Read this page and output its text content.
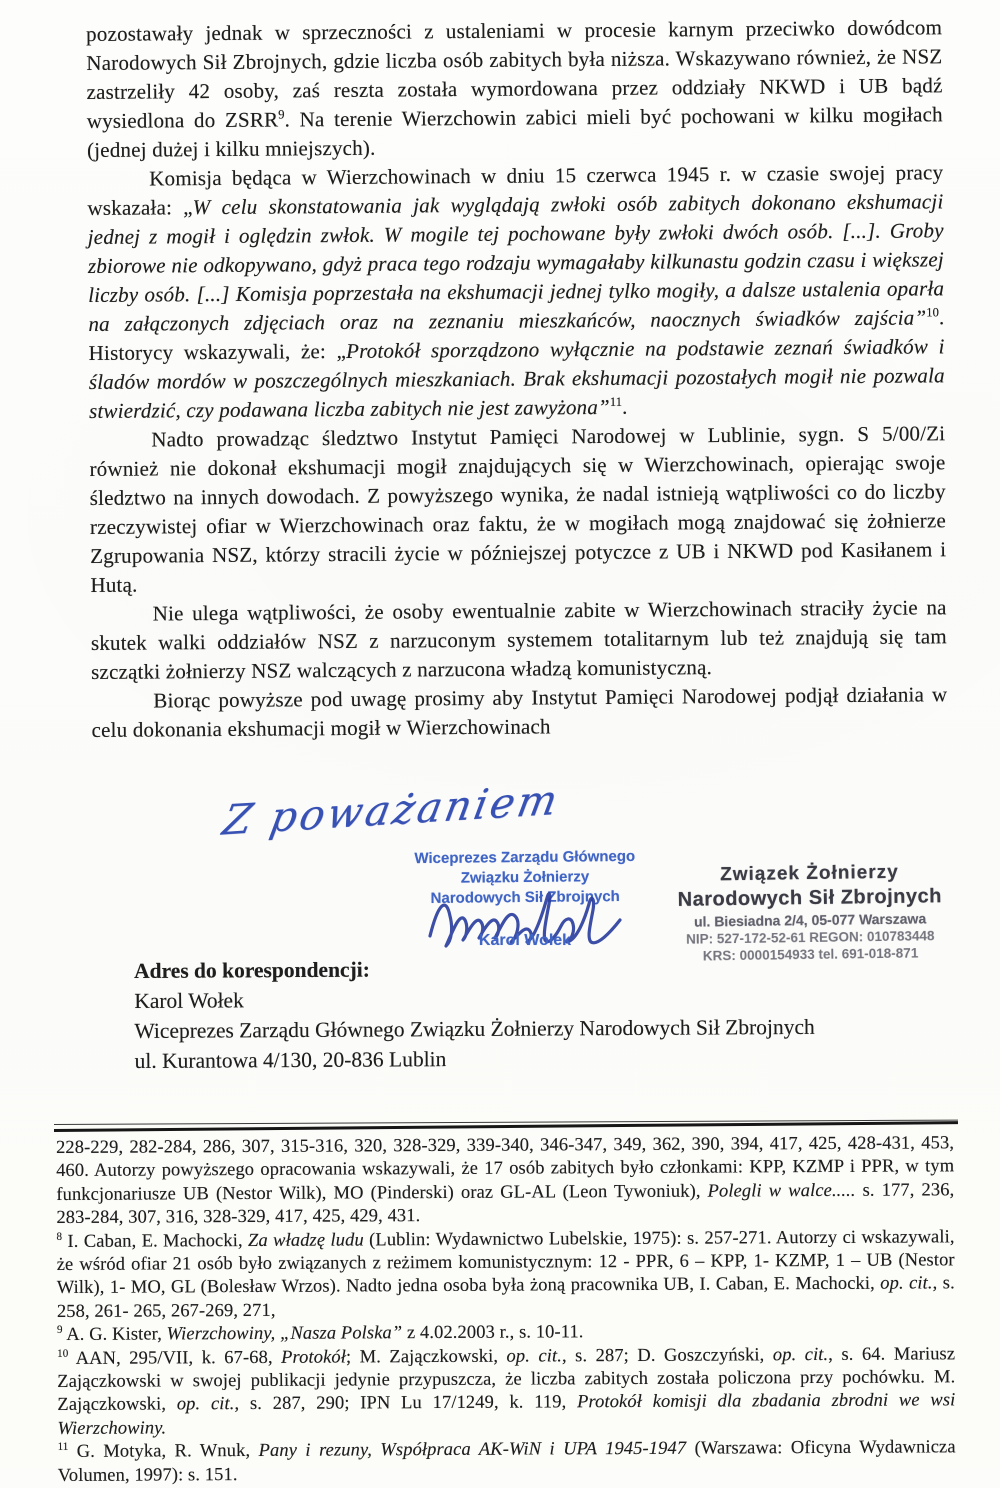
pozostawały jednak w sprzeczności z ustaleniami w procesie karnym przeciwko dowódcom Narodowych Sił Zbrojnych, gdzie liczba osób zabitych była niższa. Wskazywano również, że NSZ zastrzeliły 42 osoby, zaś reszta została wymordowana przez oddziały NKWD i UB bądź wysiedlona do ZSRR$^9$. Na terenie Wierzchowin zabici mieli być pochowani w kilku mogiłach (jednej dużej i kilku mniejszych).

Komisja będąca w Wierzchowinach w dniu 15 czerwca 1945 r. w czasie swojej pracy wskazała: „W celu skonstatowania jak wyglądają zwłoki osób zabitych dokonano ekshumacji jednej z mogił i oględzin zwłok. W mogile tej pochowane były zwłoki dwóch osób. [...]. Groby zbiorowe nie odkopywano, gdyż praca tego rodzaju wymagałaby kilkunastu godzin czasu i większej liczby osób. [...] Komisja poprzestała na ekshumacji jednej tylko mogiły, a dalsze ustalenia oparła na załączonych zdjęciach oraz na zeznaniu mieszkańców, naocznych świadków zajścia”$^{10}$. Historycy wskazywali, że: „Protokół sporządzono wyłącznie na podstawie zeznań świadków i śladów mordów w poszczególnych mieszkaniach. Brak ekshumacji pozostałych mogił nie pozwala stwierdzić, czy podawana liczba zabitych nie jest zawyżona”$^{11}$.

Nadto prowadząc śledztwo Instytut Pamięci Narodowej w Lublinie, sygn. S 5/00/Zi również nie dokonał ekshumacji mogił znajdujących się w Wierzchowinach, opierając swoje śledztwo na innych dowodach. Z powyższego wynika, że nadal istnieją wątpliwości co do liczby rzeczywistej ofiar w Wierzchowinach oraz faktu, że w mogiłach mogą znajdować się żołnierze Zgrupowania NSZ, którzy stracili życie w późniejszej potyczce z UB i NKWD pod Kasiłanem i Hutą.

Nie ulega wątpliwości, że osoby ewentualnie zabite w Wierzchowinach straciły życie na skutek walki oddziałów NSZ z narzuconym systemem totalitarnym lub też znajdują się tam szczątki żołnierzy NSZ walczących z narzucona władzą komunistyczną.

Biorąc powyższe pod uwagę prosimy aby Instytut Pamięci Narodowej podjął działania w celu dokonania ekshumacji mogił w Wierzchowinach

Z poważaniem
Wiceprezes Zarządu Głównego
Związku Żołnierzy
Narodowych Sił Zbrojnych
Karol Wołek
Związek Żołnierzy
Narodowych Sił Zbrojnych
ul. Biesiadna 2/4, 05-077 Warszawa
NIP: 527-172-52-61 REGON: 010783448
KRS: 0000154933 tel. 691-018-871
Adres do korespondencji:
Karol Wołek
Wiceprezes Zarządu Głównego Związku Żołnierzy Narodowych Sił Zbrojnych
ul. Kurantowa 4/130, 20-836 Lublin

228-229, 282-284, 286, 307, 315-316, 320, 328-329, 339-340, 346-347, 349, 362, 390, 394, 417, 425, 428-431, 453, 460. Autorzy powyższego opracowania wskazywali, że 17 osób zabitych było członkami: KPP, KZMP i PPR, w tym funkcjonariusze UB (Nestor Wilk), MO (Pinderski) oraz GL-AL (Leon Tywoniuk), Polegli w walce..... s. 177, 236, 283-284, 307, 316, 328-329, 417, 425, 429, 431.

$^8$ I. Caban, E. Machocki, Za władzę ludu (Lublin: Wydawnictwo Lubelskie, 1975): s. 257-271. Autorzy ci wskazywali, że wśród ofiar 21 osób było związanych z reżimem komunistycznym: 12 - PPR, 6 – KPP, 1- KZMP, 1 – UB (Nestor Wilk), 1- MO, GL (Bolesław Wrzos). Nadto jedna osoba była żoną pracownika UB, I. Caban, E. Machocki, op. cit., s. 258, 261- 265, 267-269, 271,

$^9$ A. G. Kister, Wierzchowiny, „Nasza Polska” z 4.02.2003 r., s. 10-11.

$^{10}$ AAN, 295/VII, k. 67-68, Protokół; M. Zajączkowski, op. cit., s. 287; D. Goszczyński, op. cit., s. 64. Mariusz Zajączkowski w swojej publikacji jedynie przypuszcza, że liczba zabitych została policzona przy pochówku. M. Zajączkowski, op. cit., s. 287, 290; IPN Lu 17/1249, k. 119, Protokół komisji dla zbadania zbrodni we wsi Wierzchowiny.

$^{11}$ G. Motyka, R. Wnuk, Pany i rezuny, Współpraca AK-WiN i UPA 1945-1947 (Warszawa: Oficyna Wydawnicza Volumen, 1997): s. 151.
